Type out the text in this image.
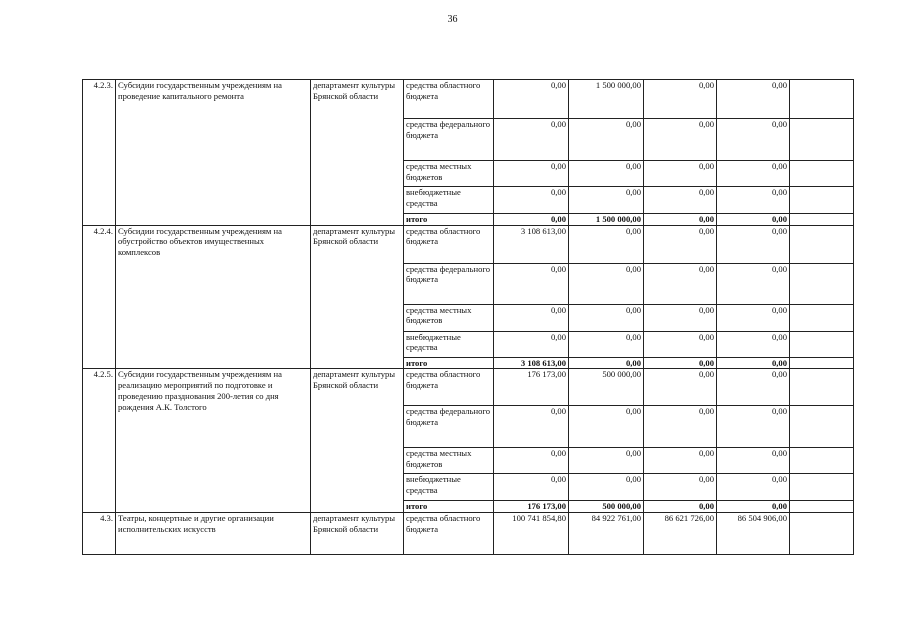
36
4.2.3.	Субсидии государственным учреждениям на проведение капитального ремонта	департамент культуры Брянской области	средства областного бюджета	0,00	1 500 000,00	0,00	0,00	
			средства федерального бюджета	0,00	0,00	0,00	0,00	
			средства местных бюджетов	0,00	0,00	0,00	0,00	
			внебюджетные средства	0,00	0,00	0,00	0,00	
			итого	0,00	1 500 000,00	0,00	0,00	
4.2.4.	Субсидии государственным учреждениям на обустройство объектов имущественных комплексов	департамент культуры Брянской области	средства областного бюджета	3 108 613,00	0,00	0,00	0,00	
			средства федерального бюджета	0,00	0,00	0,00	0,00	
			средства местных бюджетов	0,00	0,00	0,00	0,00	
			внебюджетные средства	0,00	0,00	0,00	0,00	
			итого	3 108 613,00	0,00	0,00	0,00	
4.2.5.	Субсидии государственным учреждениям на реализацию мероприятий по подготовке и проведению празднования 200-летия со дня рождения А.К. Толстого	департамент культуры Брянской области	средства областного бюджета	176 173,00	500 000,00	0,00	0,00	
			средства федерального бюджета	0,00	0,00	0,00	0,00	
			средства местных бюджетов	0,00	0,00	0,00	0,00	
			внебюджетные средства	0,00	0,00	0,00	0,00	
			итого	176 173,00	500 000,00	0,00	0,00	
4.3.	Театры, концертные и другие организации исполнительских искусств	департамент культуры Брянской области	средства областного бюджета	100 741 854,80	84 922 761,00	86 621 726,00	86 504 906,00	
